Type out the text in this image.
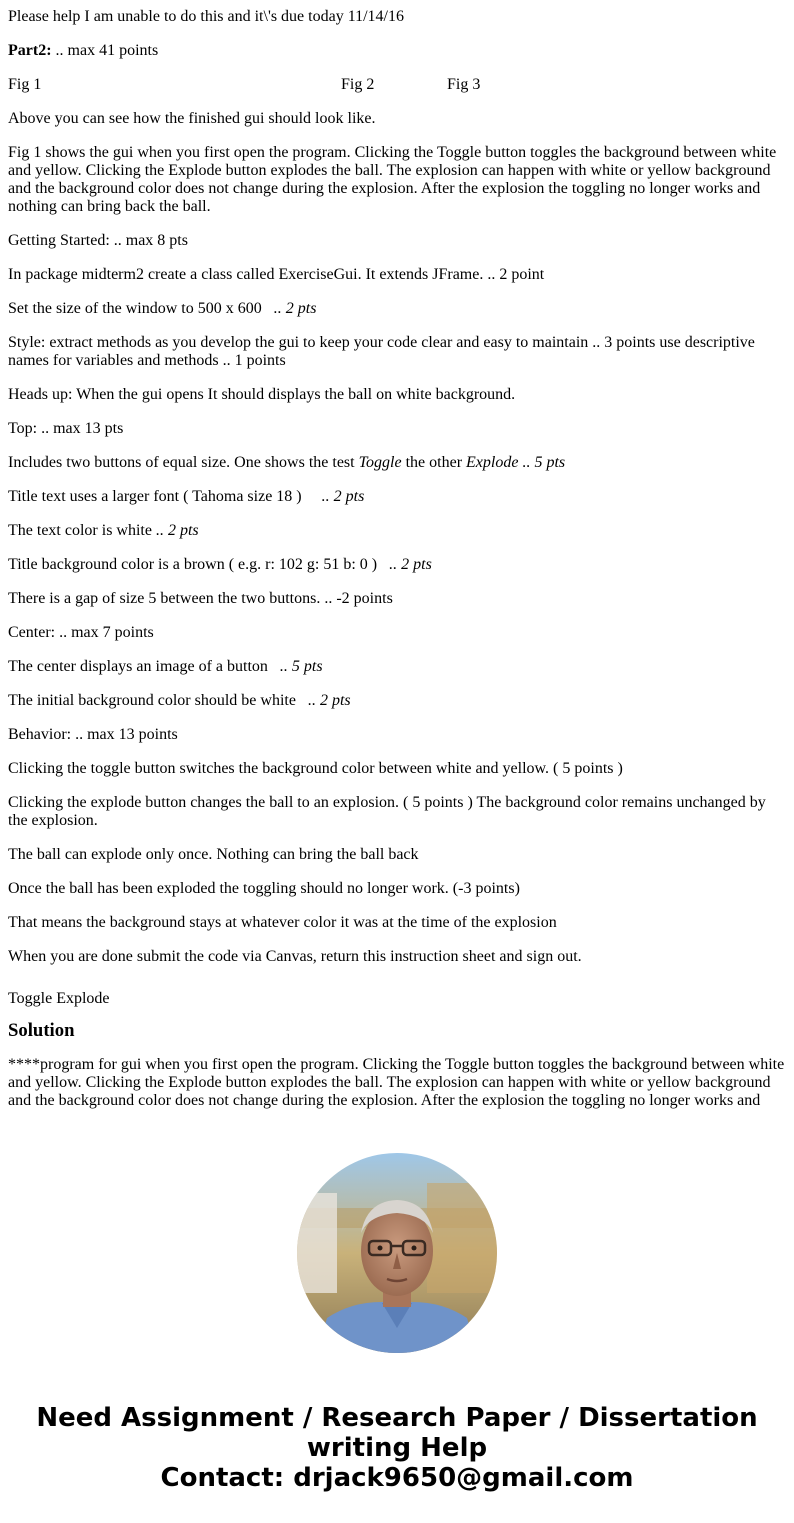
Please help I am unable to do this and it\'s due today 11/14/16

Part2: .. max 41 points

Fig 1	Fig 2	Fig 3

Above you can see how the finished gui should look like.

Fig 1 shows the gui when you first open the program. Clicking the Toggle button toggles the background between white and yellow. Clicking the Explode button explodes the ball. The explosion can happen with white or yellow background and the background color does not change during the explosion. After the explosion the toggling no longer works and nothing can bring back the ball.

Getting Started: .. max 8 pts

In package midterm2 create a class called ExerciseGui. It extends JFrame. .. 2 point

Set the size of the window to 500 x 600   .. 2 pts

Style: extract methods as you develop the gui to keep your code clear and easy to maintain .. 3 points use descriptive names for variables and methods .. 1 points

Heads up: When the gui opens It should displays the ball on white background.

Top: .. max 13 pts

Includes two buttons of equal size. One shows the test Toggle the other Explode .. 5 pts

Title text uses a larger font ( Tahoma size 18 )     .. 2 pts

The text color is white .. 2 pts

Title background color is a brown ( e.g. r: 102 g: 51 b: 0 )   .. 2 pts

There is a gap of size 5 between the two buttons. .. -2 points

Center: .. max 7 points

The center displays an image of a button   .. 5 pts

The initial background color should be white   .. 2 pts

Behavior: .. max 13 points

Clicking the toggle button switches the background color between white and yellow. ( 5 points )

Clicking the explode button changes the ball to an explosion. ( 5 points ) The background color remains unchanged by the explosion.

The ball can explode only once. Nothing can bring the ball back

Once the ball has been exploded the toggling should no longer work. (-3 points)

That means the background stays at whatever color it was at the time of the explosion

When you are done submit the code via Canvas, return this instruction sheet and sign out.

Toggle Explode

Solution

****program for gui when you first open the program. Clicking the Toggle button toggles the background between white and yellow. Clicking the Explode button explodes the ball. The explosion can happen with white or yellow background and the background color does not change during the explosion. After the explosion the toggling no longer works and

Need Assignment / Research Paper / Dissertation
writing Help
Contact: drjack9650@gmail.com
